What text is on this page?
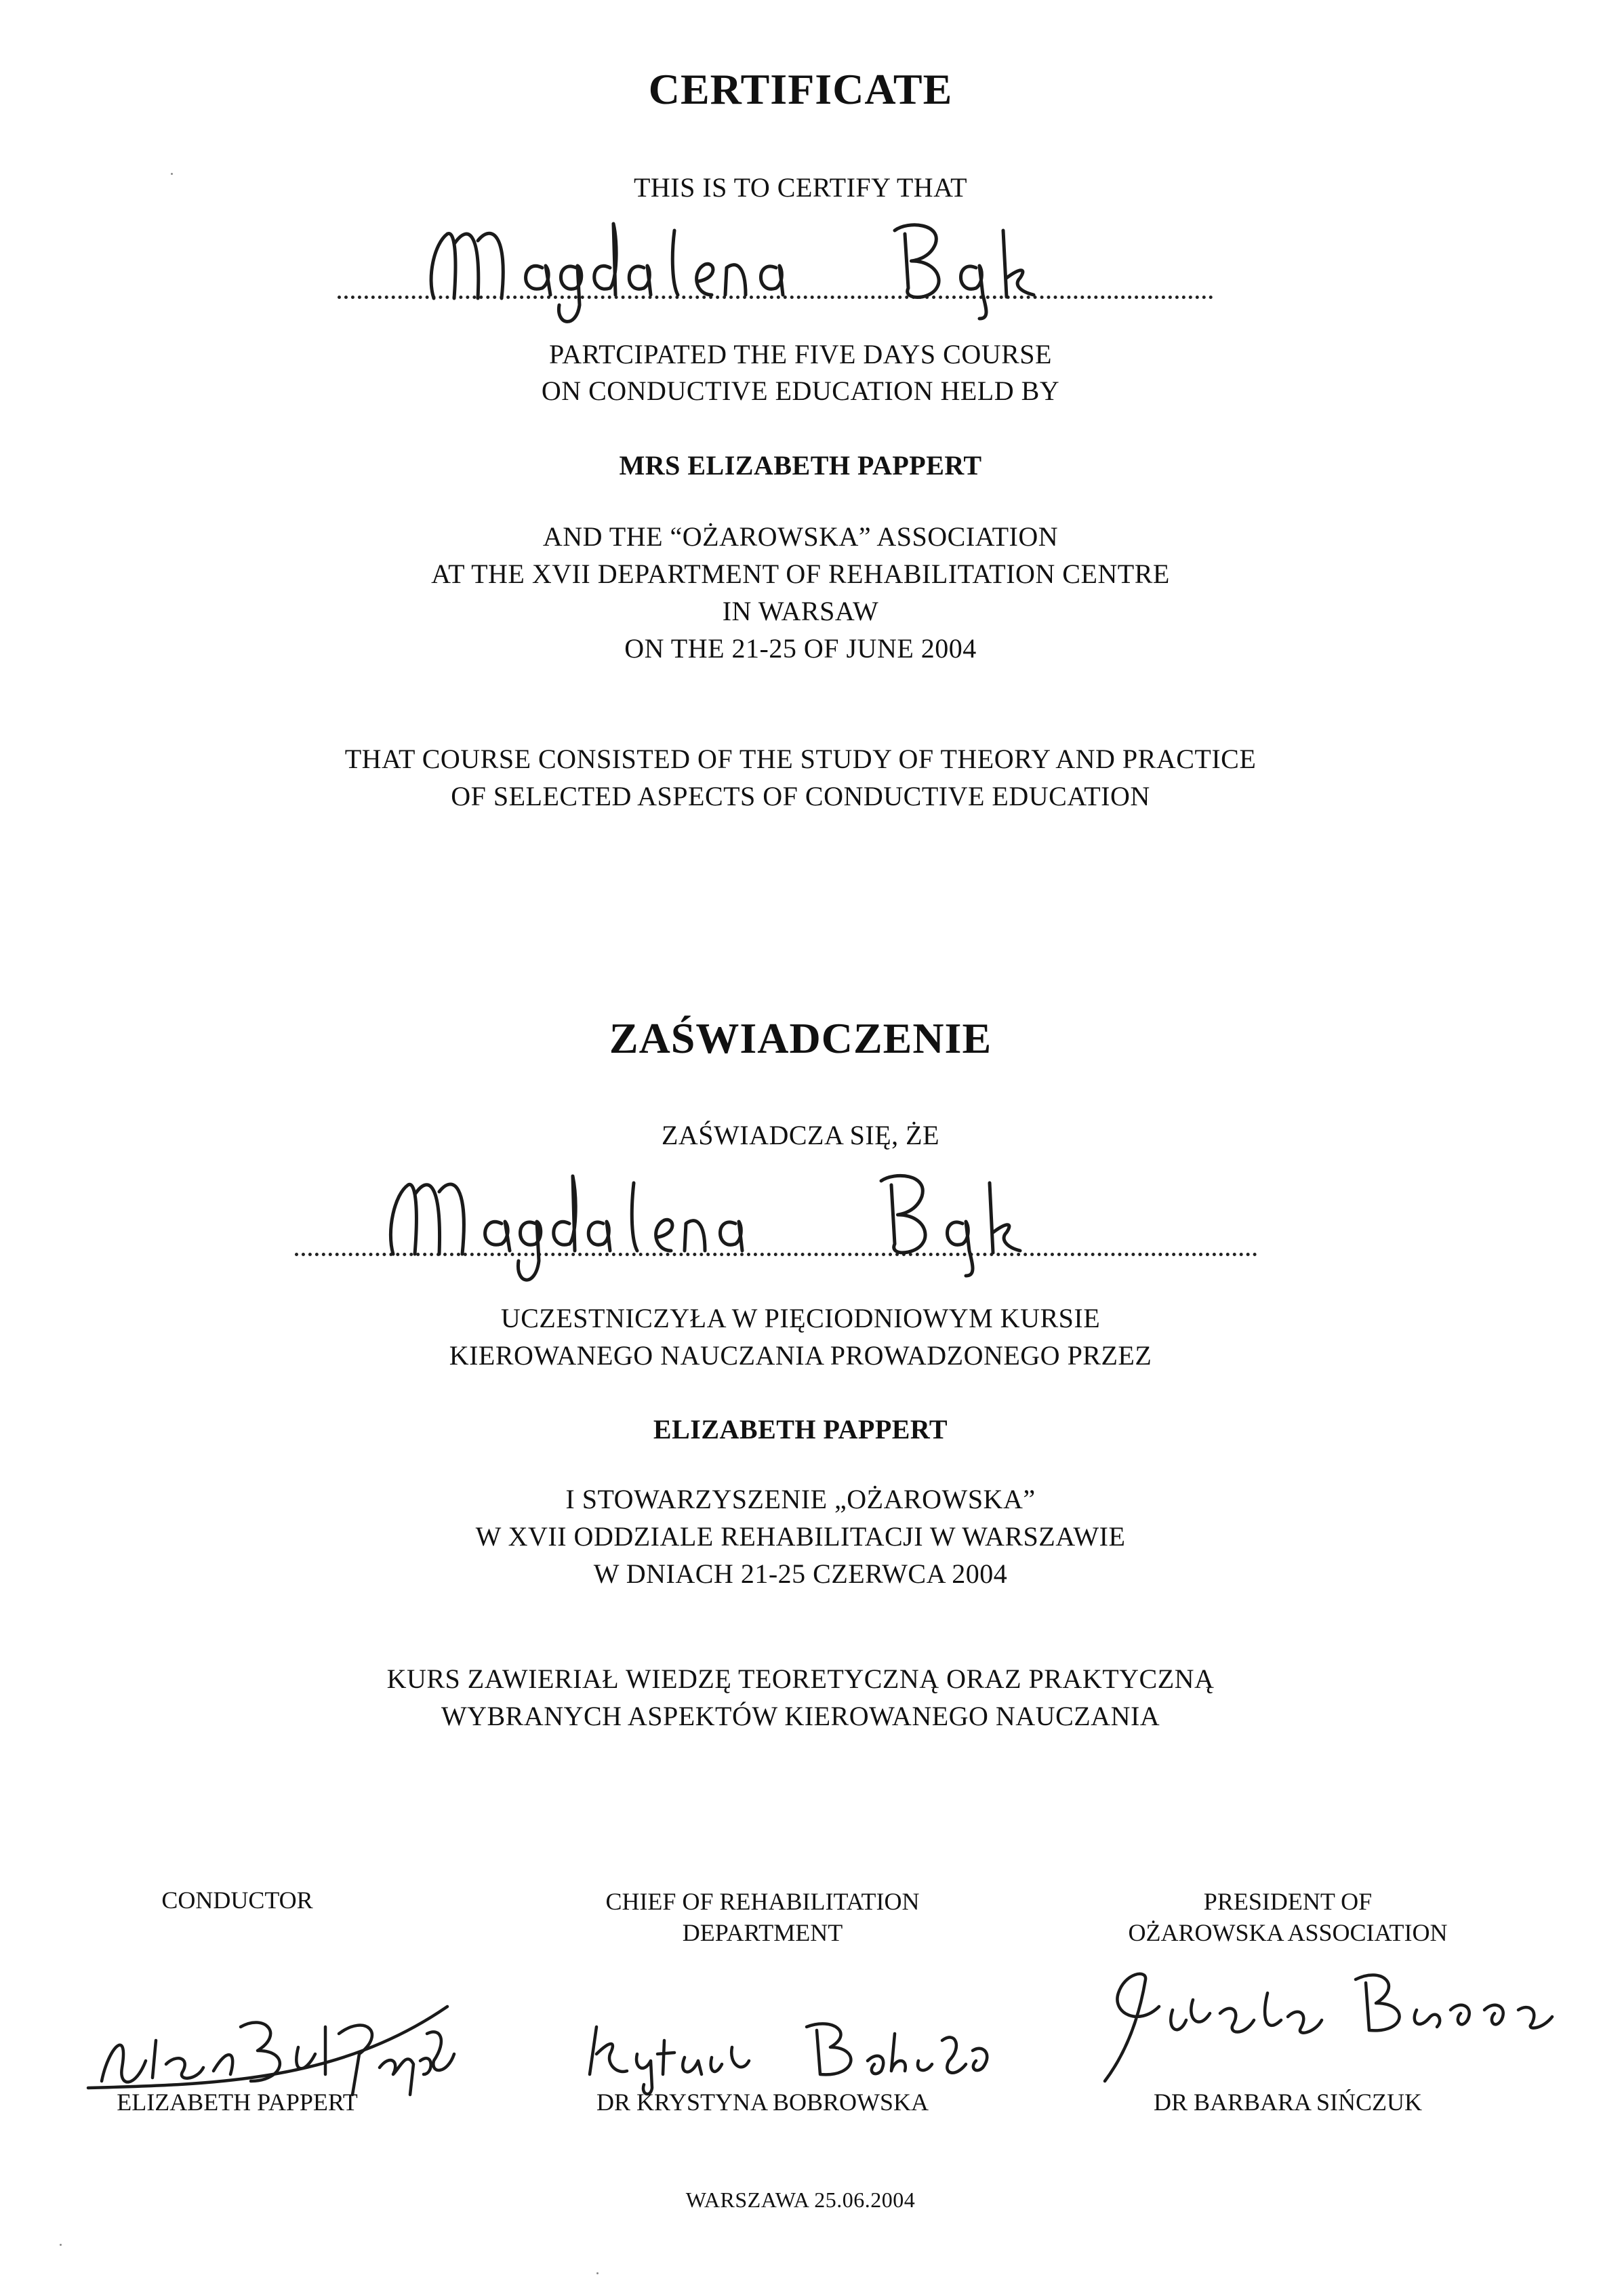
CERTIFICATE
THIS IS TO CERTIFY THAT
PARTCIPATED THE FIVE DAYS COURSE
ON CONDUCTIVE EDUCATION HELD BY
MRS ELIZABETH PAPPERT
AND THE “OŻAROWSKA” ASSOCIATION
AT THE XVII DEPARTMENT OF REHABILITATION CENTRE
IN WARSAW
ON THE 21-25 OF JUNE 2004
THAT COURSE CONSISTED OF THE STUDY OF THEORY AND PRACTICE
OF SELECTED ASPECTS OF CONDUCTIVE EDUCATION
ZAŚWIADCZENIE
ZAŚWIADCZA SIĘ, ŻE
UCZESTNICZYŁA W PIĘCIODNIOWYM KURSIE
KIEROWANEGO NAUCZANIA PROWADZONEGO PRZEZ
ELIZABETH PAPPERT
I STOWARZYSZENIE „OŻAROWSKA”
W XVII ODDZIALE REHABILITACJI W WARSZAWIE
W DNIACH 21-25 CZERWCA 2004
KURS ZAWIERIAŁ WIEDZĘ TEORETYCZNĄ ORAZ PRAKTYCZNĄ
WYBRANYCH ASPEKTÓW KIEROWANEGO NAUCZANIA
CONDUCTOR	CHIEF OF REHABILITATION
DEPARTMENT
PRESIDENT OF
OŻAROWSKA ASSOCIATION
ELIZABETH PAPPERT	DR KRYSTYNA BOBROWSKA	DR BARBARA SIŃCZUK
WARSZAWA 25.06.2004
